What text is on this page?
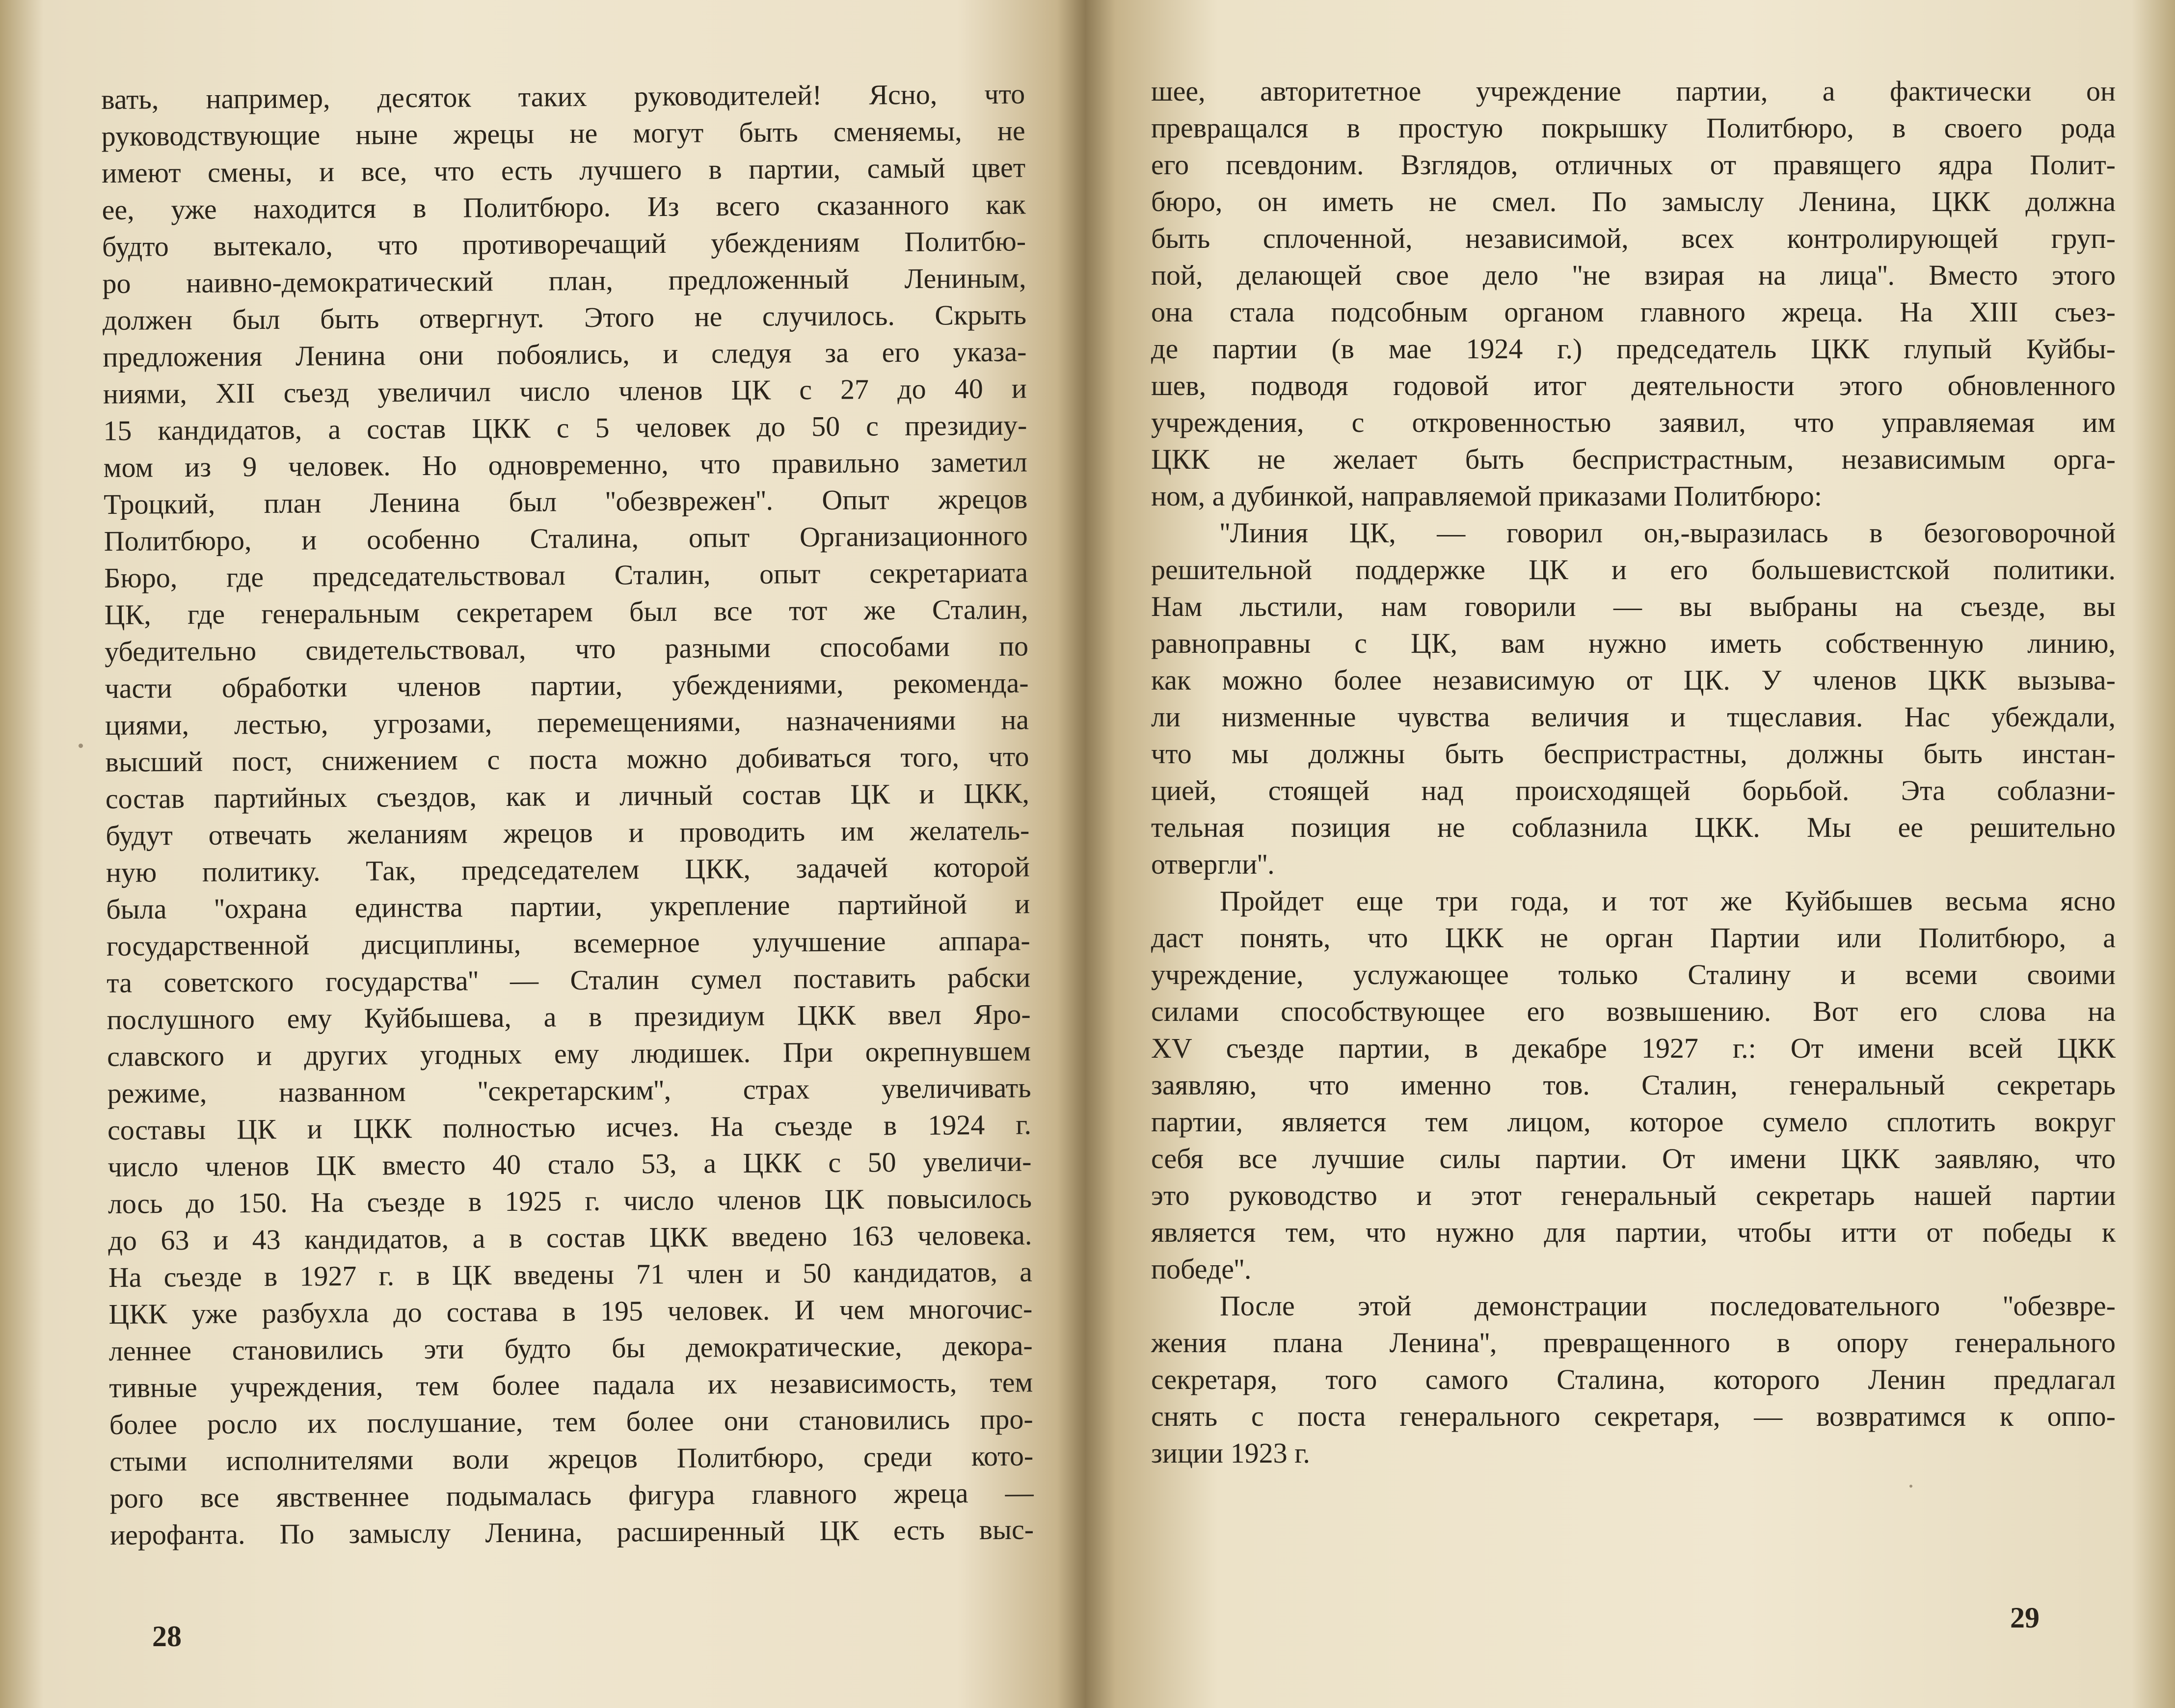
вать, например, десяток таких руководителей! Ясно, что
руководствующие ныне жрецы не могут быть сменяемы, не
имеют смены, и все, что есть лучшего в партии, самый цвет
ее, уже находится в Политбюро. Из всего сказанного как
будто вытекало, что противоречащий убеждениям Политбю-
ро наивно-демократический план, предложенный Лениным,
должен был быть отвергнут. Этого не случилось. Скрыть
предложения Ленина они побоялись, и следуя за его указа-
ниями, XII съезд увеличил число членов ЦК с 27 до 40 и
15 кандидатов, а состав ЦКК с 5 человек до 50 с президиу-
мом из 9 человек. Но одновременно, что правильно заметил
Троцкий, план Ленина был ''обезврежен''. Опыт жрецов
Политбюро, и особенно Сталина, опыт Организационного
Бюро, где председательствовал Сталин, опыт секретариата
ЦК, где генеральным секретарем был все тот же Сталин,
убедительно свидетельствовал, что разными способами по
части обработки членов партии, убеждениями, рекоменда-
циями, лестью, угрозами, перемещениями, назначениями на
высший пост, снижением с поста можно добиваться того, что
состав партийных съездов, как и личный состав ЦК и ЦКК,
будут отвечать желаниям жрецов и проводить им желатель-
ную политику. Так, председателем ЦКК, задачей которой
была ''охрана единства партии, укрепление партийной и
государственной дисциплины, всемерное улучшение аппара-
та советского государства'' — Сталин сумел поставить рабски
послушного ему Куйбышева, а в президиум ЦКК ввел Яро-
славского и других угодных ему людишек. При окрепнувшем
режиме, названном ''секретарским'', страх увеличивать
составы ЦК и ЦКК полностью исчез. На съезде в 1924 г.
число членов ЦК вместо 40 стало 53, а ЦКК с 50 увеличи-
лось до 150. На съезде в 1925 г. число членов ЦК повысилось
до 63 и 43 кандидатов, а в состав ЦКК введено 163 человека.
На съезде в 1927 г. в ЦК введены 71 член и 50 кандидатов, а
ЦКК уже разбухла до состава в 195 человек. И чем многочис-
леннее становились эти будто бы демократические, декора-
тивные учреждения, тем более падала их независимость, тем
более росло их послушание, тем более они становились про-
стыми исполнителями воли жрецов Политбюро, среди кото-
рого все явственнее подымалась фигура главного жреца —
иерофанта. По замыслу Ленина, расширенный ЦК есть выс-
28
шее, авторитетное учреждение партии, а фактически он
превращался в простую покрышку Политбюро, в своего рода
его псевдоним. Взглядов, отличных от правящего ядра Полит-
бюро, он иметь не смел. По замыслу Ленина, ЦКК должна
быть сплоченной, независимой, всех контролирующей груп-
пой, делающей свое дело ''не взирая на лица''. Вместо этого
она стала подсобным органом главного жреца. На XIII съез-
де партии (в мае 1924 г.) председатель ЦКК глупый Куйбы-
шев, подводя годовой итог деятельности этого обновленного
учреждения, с откровенностью заявил, что управляемая им
ЦКК не желает быть беспристрастным, независимым орга-
ном, а дубинкой, направляемой приказами Политбюро:
''Линия ЦК, — говорил он,-выразилась в безоговорочной
решительной поддержке ЦК и его большевистской политики.
Нам льстили, нам говорили — вы выбраны на съезде, вы
равноправны с ЦК, вам нужно иметь собственную линию,
как можно более независимую от ЦК. У членов ЦКК вызыва-
ли низменные чувства величия и тщеславия. Нас убеждали,
что мы должны быть беспристрастны, должны быть инстан-
цией, стоящей над происходящей борьбой. Эта соблазни-
тельная позиция не соблазнила ЦКК. Мы ее решительно
отвергли''.
Пройдет еще три года, и тот же Куйбышев весьма ясно
даст понять, что ЦКК не орган Партии или Политбюро, а
учреждение, услужающее только Сталину и всеми своими
силами способствующее его возвышению. Вот его слова на
XV съезде партии, в декабре 1927 г.: От имени всей ЦКК
заявляю, что именно тов. Сталин, генеральный секретарь
партии, является тем лицом, которое сумело сплотить вокруг
себя все лучшие силы партии. От имени ЦКК заявляю, что
это руководство и этот генеральный секретарь нашей партии
является тем, что нужно для партии, чтобы итти от победы к
победе''.
После этой демонстрации последовательного ''обезвре-
жения плана Ленина'', превращенного в опору генерального
секретаря, того самого Сталина, которого Ленин предлагал
снять с поста генерального секретаря, — возвратимся к оппо-
зиции 1923 г.
29
